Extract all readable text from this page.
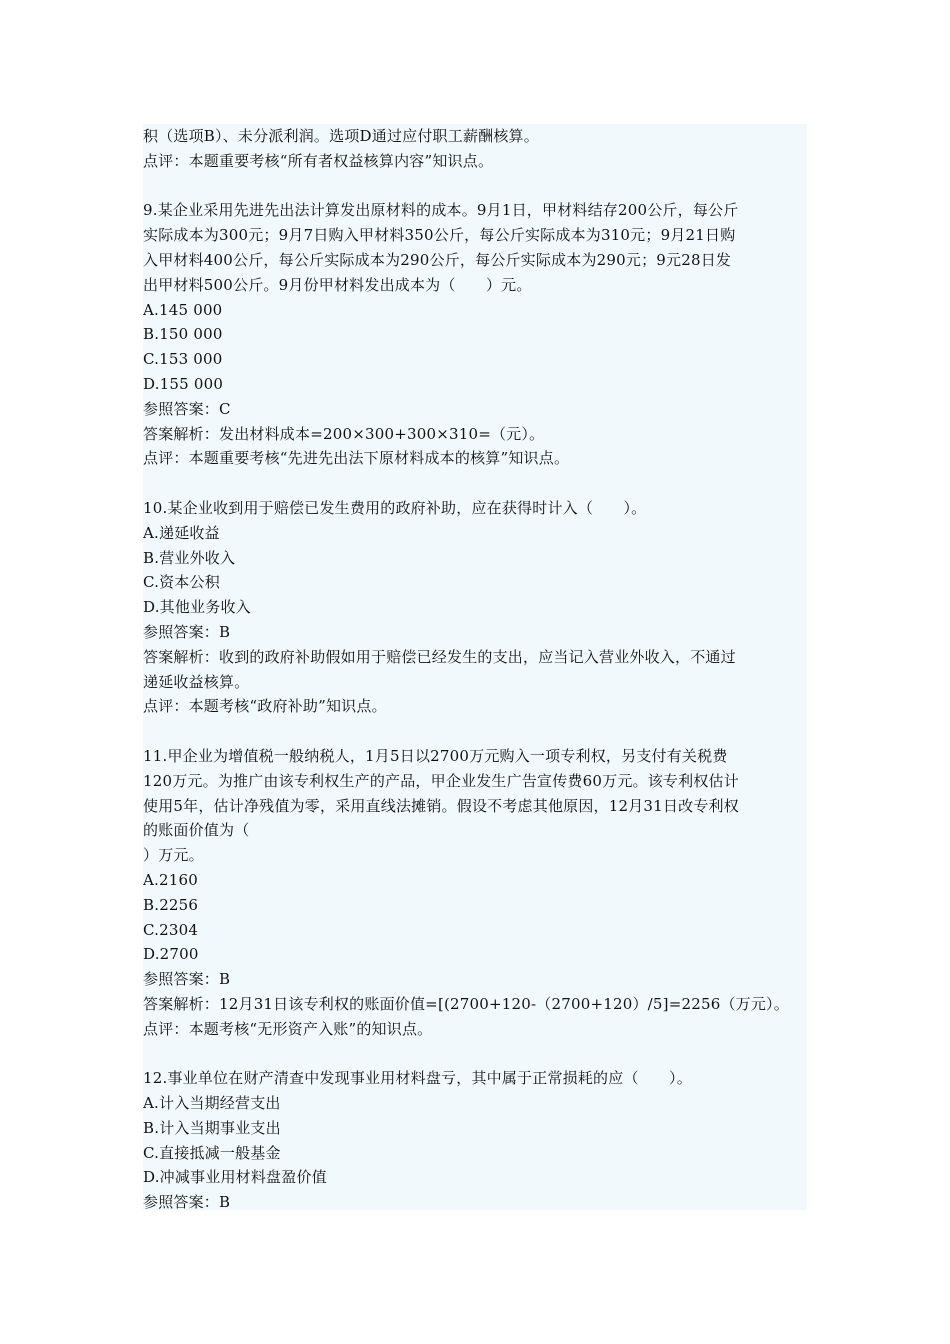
积（选项B）、未分派利润。选项D通过应付职工薪酬核算。
点评：本题重要考核“所有者权益核算内容”知识点。
9.某企业采用先进先出法计算发出原材料的成本。9月1日，甲材料结存200公斤，每公斤
实际成本为300元；9月7日购入甲材料350公斤，每公斤实际成本为310元；9月21日购
入甲材料400公斤，每公斤实际成本为290公斤，每公斤实际成本为290元；9元28日发
出甲材料500公斤。9月份甲材料发出成本为（　　）元。
A.145 000
B.150 000
C.153 000
D.155 000
参照答案：C
答案解析：发出材料成本=200×300+300×310=（元）。
点评：本题重要考核“先进先出法下原材料成本的核算”知识点。
10.某企业收到用于赔偿已发生费用的政府补助，应在获得时计入（　　）。
A.递延收益
B.营业外收入
C.资本公积
D.其他业务收入
参照答案：B
答案解析：收到的政府补助假如用于赔偿已经发生的支出，应当记入营业外收入，不通过
递延收益核算。
点评：本题考核“政府补助”知识点。
11.甲企业为增值税一般纳税人，1月5日以2700万元购入一项专利权，另支付有关税费
120万元。为推广由该专利权生产的产品，甲企业发生广告宣传费60万元。该专利权估计
使用5年，估计净残值为零，采用直线法摊销。假设不考虑其他原因，12月31日改专利权
的账面价值为（
）万元。
A.2160
B.2256
C.2304
D.2700
参照答案：B
答案解析：12月31日该专利权的账面价值=[(2700+120-（2700+120）/5]=2256（万元）。
点评：本题考核“无形资产入账”的知识点。
12.事业单位在财产清查中发现事业用材料盘亏，其中属于正常损耗的应（　　）。
A.计入当期经营支出
B.计入当期事业支出
C.直接抵减一般基金
D.冲减事业用材料盘盈价值
参照答案：B
